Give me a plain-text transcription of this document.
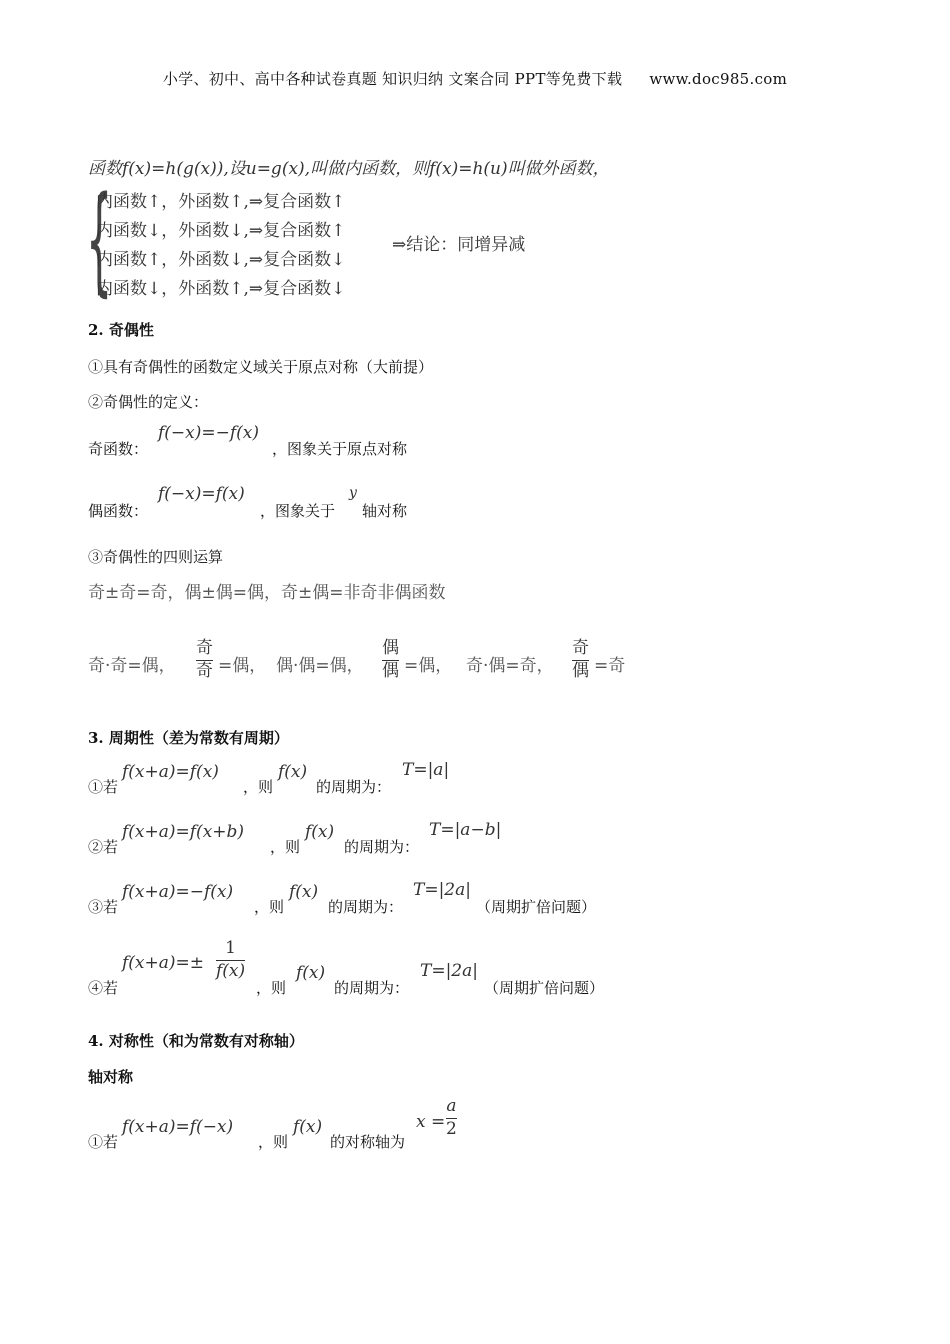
小学、初中、高中各种试卷真题 知识归纳 文案合同 PPT等免费下载 www.doc985.com
函数f(x)=h(g(x)),设u=g(x),叫做内函数，则f(x)=h(u)叫做外函数，
{
内函数↑，外函数↑,⇒复合函数↑
内函数↓，外函数↓,⇒复合函数↑
内函数↑，外函数↓,⇒复合函数↓
内函数↓，外函数↑,⇒复合函数↓
⇒结论：同增异减
2. 奇偶性
①具有奇偶性的函数定义域关于原点对称（大前提）
②奇偶性的定义：
奇函数：
f(−x)=−f(x)
，图象关于原点对称
偶函数：
f(−x)=f(x)
，图象关于
y
轴对称
③奇偶性的四则运算
奇±奇=奇，偶±偶=偶，奇±偶=非奇非偶函数
奇·奇=偶，
奇
奇 =偶， 偶·偶=偶，
偶
偶 =偶， 奇·偶=奇，
奇
偶 =奇
3. 周期性（差为常数有周期）
①若
f(x+a)=f(x)
，则
f(x)
的周期为：
T=|a|
②若
f(x+a)=f(x+b)
，则
f(x)
的周期为：
T=|a−b|
③若
f(x+a)=−f(x)
，则
f(x)
的周期为：
T=|2a|
（周期扩倍问题）
④若
f(x+a)=±
1
f(x)
，则
f(x)
的周期为：
T=|2a|
（周期扩倍问题）
4. 对称性（和为常数有对称轴）
轴对称
①若
f(x+a)=f(−x)
，则
f(x)
的对称轴为
x =
a
2
